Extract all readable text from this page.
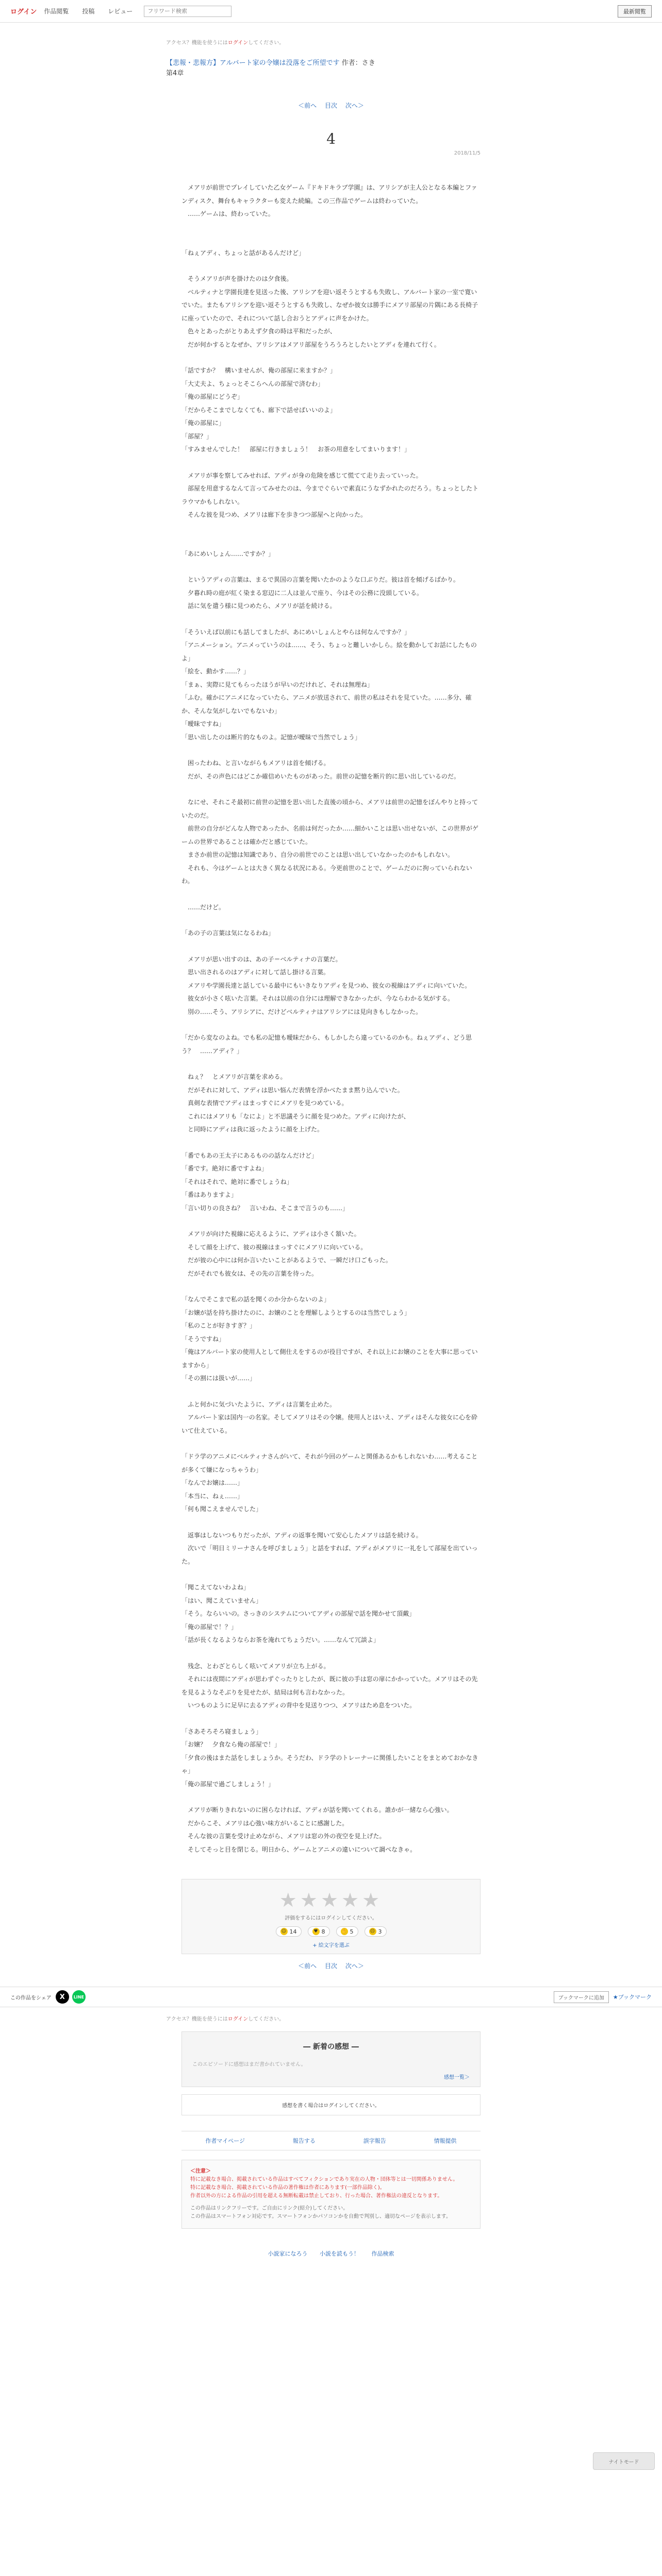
ログイン 作品閲覧 投稿 レビュー
フリワード検索	最新閲覧
アクセス？機能を使うにはログインしてください。
【悲報・悲報方】アルバート家の令嬢は没落をご所望です 作者：さき
第4章
＜前へ 目次 次へ＞
2018/11/5
4

　メアリが前世でプレイしていた乙女ゲーム『ドキドキラブ学園』は、アリシアが主人公となる本編とファンディスク、舞台もキャラクターも変えた続編。この三作品でゲームは終わっていた。

　……ゲームは、終わっていた。

「ねぇアディ、ちょっと話があるんだけど」

　そうメアリが声を掛けたのは夕食後。

　ベルティナと学園長達を見送った後、アリシアを迎い返そうとするも失敗し、アルバート家の一室で寛いでいた。またもアリシアを迎い返そうとするも失敗し、なぜか彼女は勝手にメアリ部屋の片隅にある長椅子に座っていたので、それについて話し合おうとアディに声をかけた。

　色々とあったがとりあえず夕食の時は平和だったが、

　だが何かするとなぜか、アリシアはメアリ部屋をうろうろとしたいとアディを連れて行く。

「話ですか？　構いませんが、俺の部屋に来ますか？」

「大丈夫よ、ちょっとそこらへんの部屋で済むわ」

「俺の部屋にどうぞ」

「だからそこまでしなくても、廊下で話せばいいのよ」

「俺の部屋に」

「部屋？」

「すみませんでした！　部屋に行きましょう！　お茶の用意をしてまいります！」

　メアリが事を察してみせれば、アディが身の危険を感じて慌てて走り去っていった。

　部屋を用意するなんて言ってみせたのは、今までぐらいで素直にうなずかれたのだろう。ちょっとしたトラウマかもしれない。

　そんな彼を見つめ、メアリは廊下を歩きつつ部屋へと向かった。

「あにめいしょん……ですか？」

　というアディの言葉は、まるで異国の言葉を聞いたかのような口ぶりだ。彼は首を傾げるばかり。

　夕暮れ時の庭が紅く染まる窓辺に二人は並んで座り、今はその公務に没頭している。

　話に気を遣う様に見つめたら、メアリが話を続ける。

「そういえば以前にも話してましたが、あにめいしょんとやらは何なんですか？」

「アニメーション。アニメっていうのは……、そう、ちょっと難しいかしら。絵を動かしてお話にしたものよ」

「絵を、動かす……？」

「まぁ、実際に見てもらったほうが早いのだけれど、それは無理ね」

「ふむ。確かにアニメになっていたら、アニメが放送されて、前世の私はそれを見ていた。……多分、確か、そんな気がしないでもないわ」

「曖昧ですね」

「思い出したのは断片的なものよ。記憶が曖昧で当然でしょう」

　困ったわね、と言いながらもメアリは首を傾げる。

　だが、その声色にはどこか確信めいたものがあった。前世の記憶を断片的に思い出しているのだ。

　なにせ、それこそ最初に前世の記憶を思い出した直後の頃から、メアリは前世の記憶をぼんやりと持っていたのだ。

　前世の自分がどんな人物であったか、名前は何だったか……細かいことは思い出せないが、この世界がゲームの世界であることは確かだと感じていた。

　まさか前世の記憶は知識であり、自分の前世でのことは思い出していなかったのかもしれない。

　それも、今はゲームとは大きく異なる状況にある。今更前世のことで、ゲームだのに拘っていられないわ。

　……だけど。

「あの子の言葉は気になるわね」

　メアリが思い出すのは、あの子＝ベルティナの言葉だ。

　思い出されるのはアディに対して話し掛ける言葉。

　メアリや学園長達と話している最中にもいきなりアディを見つめ、彼女の視線はアディに向いていた。

　彼女が小さく呟いた言葉。それは以前の自分には理解できなかったが、今ならわかる気がする。

　別の……そう、アリシアに、だけどベルティナはアリシアには見向きもしなかった。

「だから変なのよね。でも私の記憶も曖昧だから、もしかしたら違っているのかも。ねぇアディ、どう思う？　……アディ？」

　ねぇ？　とメアリが言葉を求める。

　だがそれに対して、アディは思い悩んだ表情を浮かべたまま黙り込んでいた。

　真剣な表情でアディはまっすぐにメアリを見つめている。

　これにはメアリも「なによ」と不思議そうに顔を見つめた。アディに向けたが、

　と同時にアディは我に返ったように顔を上げた。

「番でもあの王太子にあるものの話なんだけど」

「番です。絶対に番ですよね」

「それはそれで、絶対に番でしょうね」

「番はありますよ」

「言い切りの良さね？　言いわね、そこまで言うのも……」

　メアリが向けた視線に応えるように、アディは小さく頷いた。

　そして顔を上げて、彼の視線はまっすぐにメアリに向いている。

　だが彼の心中には何か言いたいことがあるようで、一瞬だけ口ごもった。

　だがそれでも彼女は、その先の言葉を待った。

「なんでそこまで私の話を聞くのか分からないのよ」

「お嬢が話を持ち掛けたのに、お嬢のことを理解しようとするのは当然でしょう」

「私のことが好きすぎ？」

「そうですね」

「俺はアルバート家の使用人として側仕えをするのが役目ですが、それ以上にお嬢のことを大事に思っていますから」

「その割には扱いが……」

　ふと何かに気づいたように、アディは言葉を止めた。

　アルバート家は国内一の名家。そしてメアリはその令嬢。使用人とはいえ、アディはそんな彼女に心を砕いて仕えている。

「ドラ学のアニメにベルティナさんがいて、それが今回のゲームと関係あるかもしれないわ……考えることが多くて嫌になっちゃうわ」

「なんでお嬢は……」

「本当に、ねぇ……」

「何も聞こえませんでした」

　返事はしないつもりだったが、アディの返事を聞いて安心したメアリは話を続ける。

　次いで「明日ミリーナさんを呼びましょう」と話をすれば、アディがメアリに一礼をして部屋を出ていった。

「聞こえてないわよね」

「はい、聞こえていません」

「そう。ならいいの。さっきのシステムについてアディの部屋で話を聞かせて頂戴」

「俺の部屋で！？」

「話が長くなるようならお茶を淹れてちょうだい。……なんて冗談よ」

　残念、とわざとらしく呟いてメアリが立ち上がる。

　それには夜間にアディが思わずぐったりとしたが、既に彼の手は窓の扉にかかっていた。メアリはその先を見るようなそぶりを見せたが、結局は何も言わなかった。

　いつものように足早に去るアディの背中を見送りつつ、メアリはため息をついた。

「さあそろそろ寝ましょう」

「お嬢？　夕食なら俺の部屋で！」

「夕食の後はまた話をしましょうか。そうだわ、ドラ学のトレーナーに関係したいことをまとめておかなきゃ」

「俺の部屋で過ごしましょう！」

　メアリが断りきれないのに困らなければ、アディが話を聞いてくれる。誰かが一緒なら心強い。

　だからこそ、メアリは心強い味方がいることに感謝した。

　そんな彼の言葉を受け止めながら、メアリは窓の外の夜空を見上げた。

　そしてそっと目を閉じる。明日から、ゲームとアニメの違いについて調べなきゃ。

★★★★★
評価をするにはログインしてください。
☺ 14	♥ 8	✋ 5	☹ 3
+ 絵文字を選ぶ
＜前へ 目次 次へ＞
ナイトモード
この作品をシェア	X	LINE	ブックマークに追加	★ブックマーク
アクセス？機能を使うにはログインしてください。
― 新着の感想 ―
このエピソードに感想はまだ書かれていません。
感想一覧＞
感想を書く場合はログインしてください。
作者マイページ	報告する	誤字報告	情報提供
＜注意＞
特に記載なき場合、掲載されている作品はすべてフィクションであり実在の人物・団体等とは一切関係ありません。
特に記載なき場合、掲載されている作品の著作権は作者にあります(一部作品除く)。
作者以外の方による作品の引用を超える無断転載は禁止しており、行った場合、著作権法の違反となります。
この作品はリンクフリーです。ご自由にリンク(紹介)してください。
この作品はスマートフォン対応です。スマートフォンかパソコンかを自動で判別し、適切なページを表示します。
小説家になろう 小説を読もう！ 作品検索
